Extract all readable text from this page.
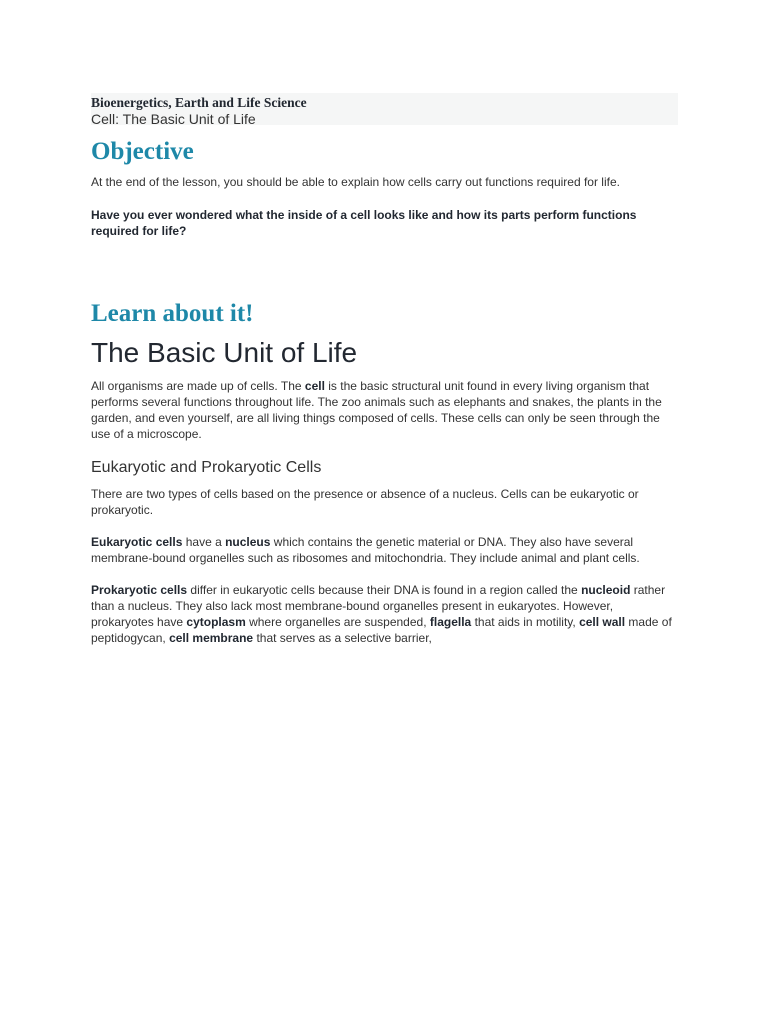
Bioenergetics, Earth and Life Science
Cell: The Basic Unit of Life
Objective

At the end of the lesson, you should be able to explain how cells carry out functions required for life.

Have you ever wondered what the inside of a cell looks like and how its parts perform functions required for life?

Learn about it!
The Basic Unit of Life

All organisms are made up of cells. The cell is the basic structural unit found in every living organism that performs several functions throughout life. The zoo animals such as elephants and snakes, the plants in the garden, and even yourself, are all living things composed of cells. These cells can only be seen through the use of a microscope.

Eukaryotic and Prokaryotic Cells

There are two types of cells based on the presence or absence of a nucleus. Cells can be eukaryotic or prokaryotic.

Eukaryotic cells have a nucleus which contains the genetic material or DNA. They also have several membrane-bound organelles such as ribosomes and mitochondria. They include animal and plant cells.

Prokaryotic cells differ in eukaryotic cells because their DNA is found in a region called the nucleoid rather than a nucleus. They also lack most membrane-bound organelles present in eukaryotes. However, prokaryotes have cytoplasm where organelles are suspended, flagella that aids in motility, cell wall made of peptidogycan, cell membrane that serves as a selective barrier,
